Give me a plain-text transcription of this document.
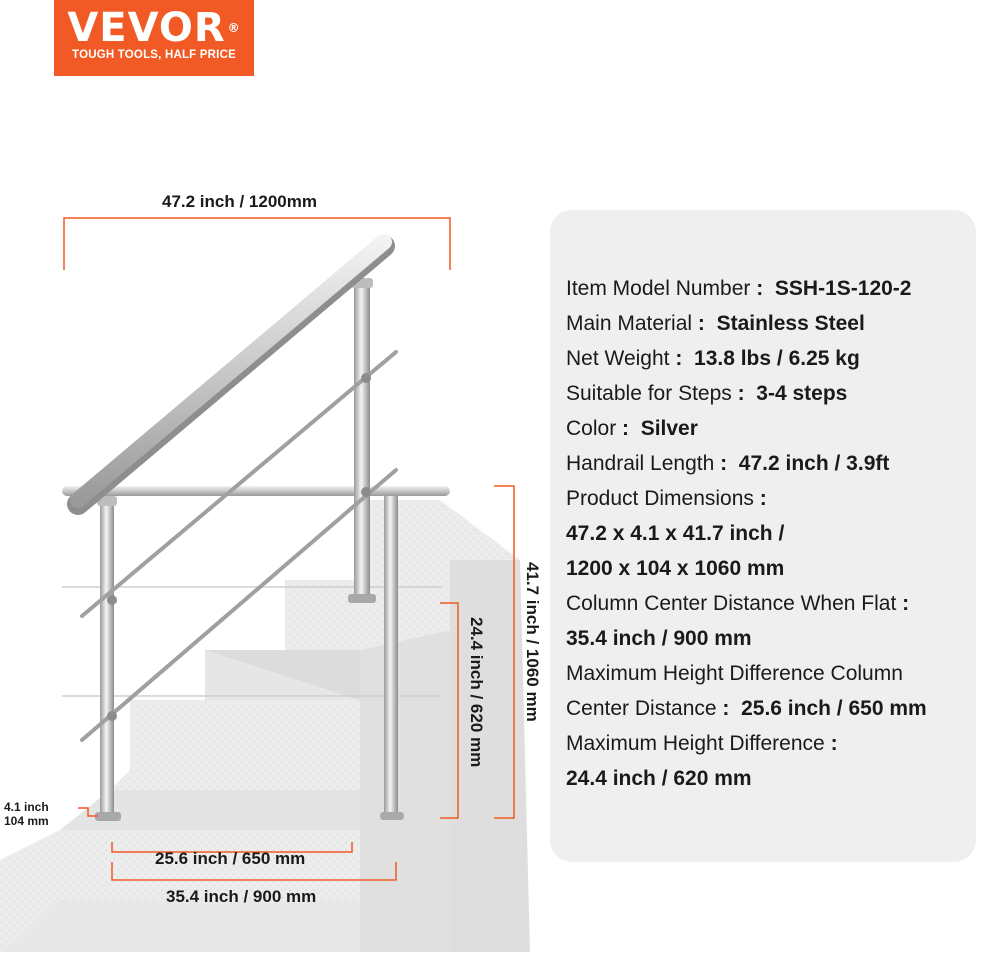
VEVOR ®
TOUGH TOOLS, HALF PRICE
47.2 inch / 1200mm
41.7 inch / 1060 mm
24.4 inch / 620 mm
4.1 inch
104 mm
25.6 inch / 650 mm
35.4 inch / 900 mm
Item Model Number : SSH-1S-120-2
Main Material : Stainless Steel
Net Weight : 13.8 lbs / 6.25 kg
Suitable for Steps : 3-4 steps
Color : Silver
Handrail Length : 47.2 inch / 3.9ft
Product Dimensions :
47.2 x 4.1 x 41.7 inch /
1200 x 104 x 1060 mm
Column Center Distance When Flat :
35.4 inch / 900 mm
Maximum Height Difference Column
Center Distance : 25.6 inch / 650 mm
Maximum Height Difference :
24.4 inch / 620 mm
